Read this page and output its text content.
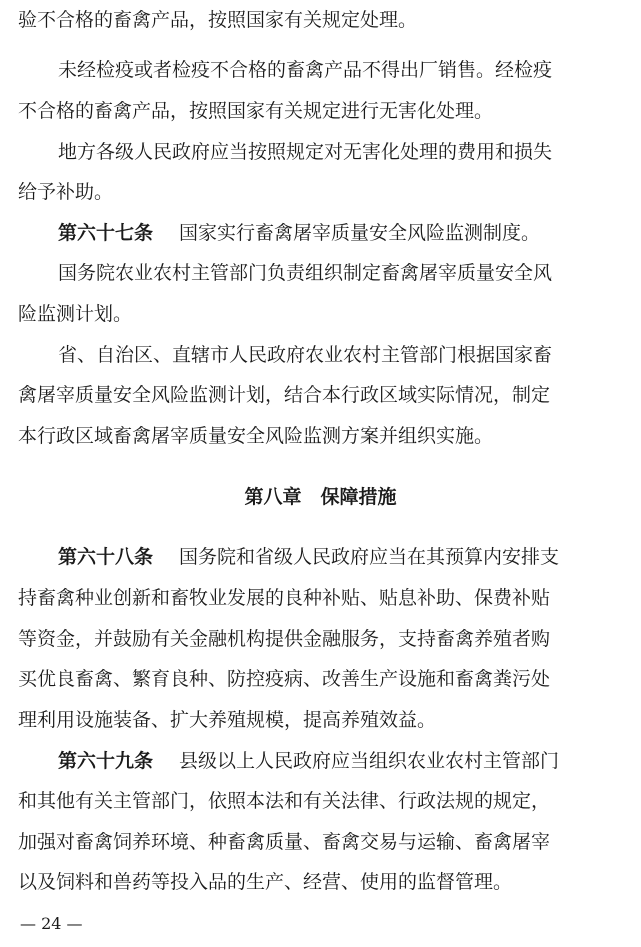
验不合格的畜禽产品，按照国家有关规定处理。
未经检疫或者检疫不合格的畜禽产品不得出厂销售。经检疫
不合格的畜禽产品，按照国家有关规定进行无害化处理。
地方各级人民政府应当按照规定对无害化处理的费用和损失
给予补助。
第六十七条 国家实行畜禽屠宰质量安全风险监测制度。
国务院农业农村主管部门负责组织制定畜禽屠宰质量安全风
险监测计划。
省、自治区、直辖市人民政府农业农村主管部门根据国家畜
禽屠宰质量安全风险监测计划，结合本行政区域实际情况，制定
本行政区域畜禽屠宰质量安全风险监测方案并组织实施。
第八章　保障措施
第六十八条 国务院和省级人民政府应当在其预算内安排支
持畜禽种业创新和畜牧业发展的良种补贴、贴息补助、保费补贴
等资金，并鼓励有关金融机构提供金融服务，支持畜禽养殖者购
买优良畜禽、繁育良种、防控疫病、改善生产设施和畜禽粪污处
理利用设施装备、扩大养殖规模，提高养殖效益。
第六十九条 县级以上人民政府应当组织农业农村主管部门
和其他有关主管部门，依照本法和有关法律、行政法规的规定，
加强对畜禽饲养环境、种畜禽质量、畜禽交易与运输、畜禽屠宰
以及饲料和兽药等投入品的生产、经营、使用的监督管理。
— 24 —
